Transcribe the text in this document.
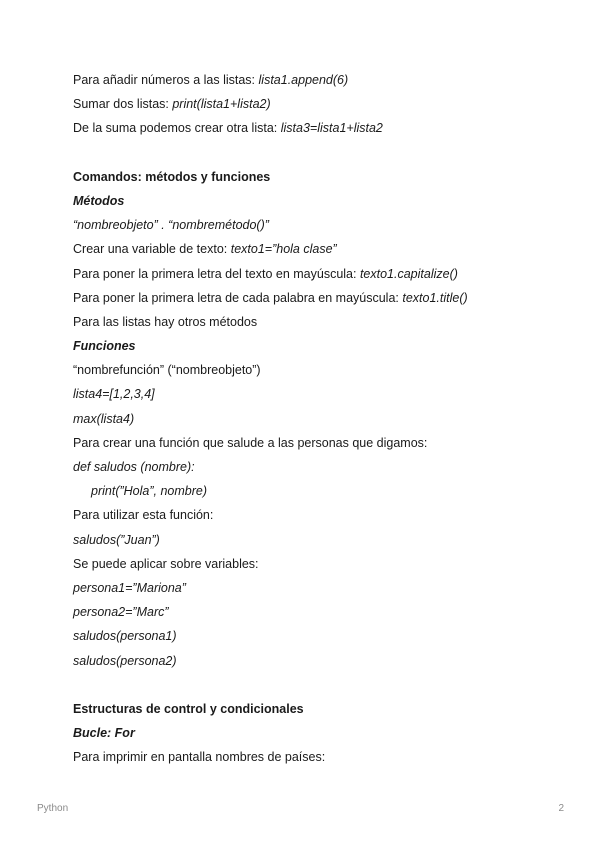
Para añadir números a las listas: lista1.append(6)
Sumar dos listas: print(lista1+lista2)
De la suma podemos crear otra lista: lista3=lista1+lista2
Comandos: métodos y funciones
Métodos
“nombreobjeto” . “nombremétodo()”
Crear una variable de texto: texto1=”hola clase”
Para poner la primera letra del texto en mayúscula: texto1.capitalize()
Para poner la primera letra de cada palabra en mayúscula: texto1.title()
Para las listas hay otros métodos
Funciones
“nombrefunción” (“nombreobjeto”)
lista4=[1,2,3,4]
max(lista4)
Para crear una función que salude a las personas que digamos:
def saludos (nombre):
print(”Hola”, nombre)
Para utilizar esta función:
saludos(”Juan”)
Se puede aplicar sobre variables:
persona1=”Mariona”
persona2=”Marc”
saludos(persona1)
saludos(persona2)
Estructuras de control y condicionales
Bucle: For
Para imprimir en pantalla nombres de países:
Python	2
